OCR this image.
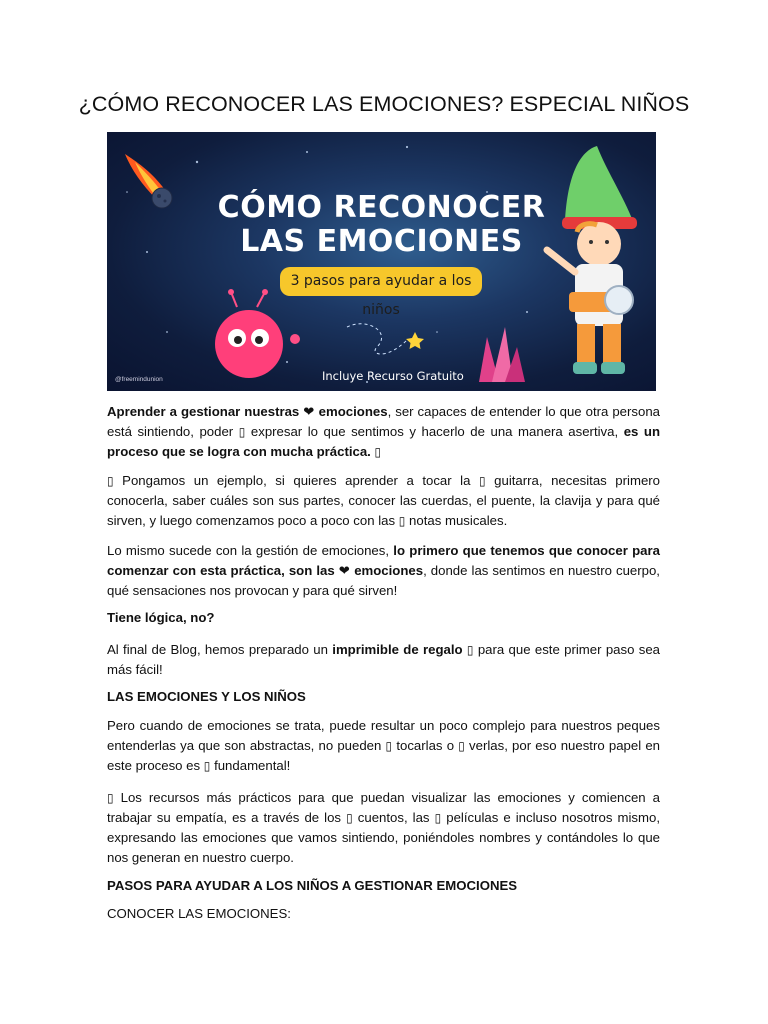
¿CÓMO RECONOCER LAS EMOCIONES? ESPECIAL NIÑOS
CÓMO RECONOCER
LAS EMOCIONES
3 pasos para ayudar a los niños
Incluye Recurso Gratuito
@freemindunion
Aprender a gestionar nuestras ❤ emociones, ser capaces de entender lo que otra persona está sintiendo, poder ▯ expresar lo que sentimos y hacerlo de una manera asertiva, es un proceso que se logra con mucha práctica. ▯
▯ Pongamos un ejemplo, si quieres aprender a tocar la ▯ guitarra, necesitas primero conocerla, saber cuáles son sus partes, conocer las cuerdas, el puente, la clavija y para qué sirven, y luego comenzamos poco a poco con las ▯ notas musicales.
Lo mismo sucede con la gestión de emociones, lo primero que tenemos que conocer para comenzar con esta práctica, son las ❤ emociones, donde las sentimos en nuestro cuerpo, qué sensaciones nos provocan y para qué sirven!
Tiene lógica, no?
Al final de Blog, hemos preparado un imprimible de regalo ▯ para que este primer paso sea más fácil!
LAS EMOCIONES Y LOS NIÑOS
Pero cuando de emociones se trata, puede resultar un poco complejo para nuestros peques entenderlas ya que son abstractas, no pueden ▯ tocarlas o ▯ verlas, por eso nuestro papel en este proceso es ▯ fundamental!
▯ Los recursos más prácticos para que puedan visualizar las emociones y comiencen a trabajar su empatía, es a través de los ▯ cuentos, las ▯ películas e incluso nosotros mismo, expresando las emociones que vamos sintiendo, poniéndoles nombres y contándoles lo que nos generan en nuestro cuerpo.
PASOS PARA AYUDAR A LOS NIÑOS A GESTIONAR EMOCIONES
CONOCER LAS EMOCIONES:
